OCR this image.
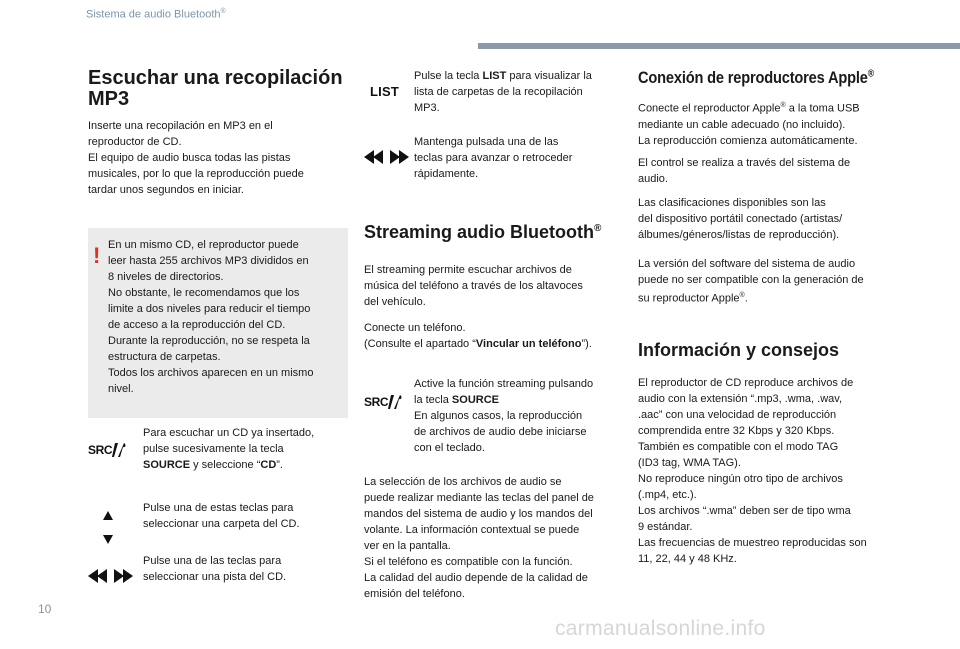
Sistema de audio Bluetooth®
Escuchar una recopilación MP3
Inserte una recopilación en MP3 en el
reproductor de CD.
El equipo de audio busca todas las pistas
musicales, por lo que la reproducción puede
tardar unos segundos en iniciar.
! En un mismo CD, el reproductor puede
leer hasta 255 archivos MP3 divididos en
8 niveles de directorios.
No obstante, le recomendamos que los
limite a dos niveles para reducir el tiempo
de acceso a la reproducción del CD.
Durante la reproducción, no se respeta la
estructura de carpetas.
Todos los archivos aparecen en un mismo
nivel.
SRC
Para escuchar un CD ya insertado,
pulse sucesivamente la tecla
SOURCE y seleccione “CD”.
Pulse una de estas teclas para
seleccionar una carpeta del CD.
Pulse una de las teclas para
seleccionar una pista del CD.
LIST
Pulse la tecla LIST para visualizar la
lista de carpetas de la recopilación
MP3.
Mantenga pulsada una de las
teclas para avanzar o retroceder
rápidamente.
Streaming audio Bluetooth®
El streaming permite escuchar archivos de
música del teléfono a través de los altavoces
del vehículo.
Conecte un teléfono.
(Consulte el apartado “Vincular un teléfono”).
SRC
Active la función streaming pulsando
la tecla SOURCE
En algunos casos, la reproducción
de archivos de audio debe iniciarse
con el teclado.
La selección de los archivos de audio se
puede realizar mediante las teclas del panel de
mandos del sistema de audio y los mandos del
volante. La información contextual se puede
ver en la pantalla.
Si el teléfono es compatible con la función.
La calidad del audio depende de la calidad de
emisión del teléfono.
Conexión de reproductores Apple®
Conecte el reproductor Apple® a la toma USB
mediante un cable adecuado (no incluido).
La reproducción comienza automáticamente.
El control se realiza a través del sistema de
audio.
Las clasificaciones disponibles son las
del dispositivo portátil conectado (artistas/
álbumes/géneros/listas de reproducción).
La versión del software del sistema de audio
puede no ser compatible con la generación de
su reproductor Apple®.
Información y consejos
El reproductor de CD reproduce archivos de
audio con la extensión “.mp3, .wma, .wav,
.aac” con una velocidad de reproducción
comprendida entre 32 Kbps y 320 Kbps.
También es compatible con el modo TAG
(ID3 tag, WMA TAG).
No reproduce ningún otro tipo de archivos
(.mp4, etc.).
Los archivos “.wma” deben ser de tipo wma
9 estándar.
Las frecuencias de muestreo reproducidas son
11, 22, 44 y 48 KHz.
10
carmanualsonline.info
